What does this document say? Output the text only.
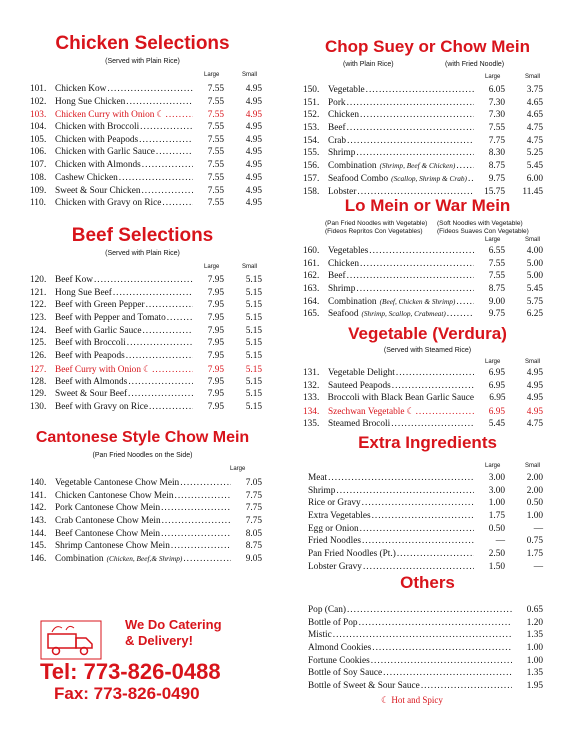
Chicken Selections
(Served with Plain Rice)
Large	Small
101. Chicken Kow .....	7.55	4.95
102. Hong Sue Chicken .....	7.55	4.95
103. Chicken Curry with Onion ☾ .....	7.55	4.95
104. Chicken with Broccoli .....	7.55	4.95
105. Chicken with Peapods .....	7.55	4.95
106. Chicken with Garlic Sauce .....	7.55	4.95
107. Chicken with Almonds .....	7.55	4.95
108. Cashew Chicken .....	7.55	4.95
109. Sweet & Sour Chicken .....	7.55	4.95
110. Chicken with Gravy on Rice .....	7.55	4.95
Beef Selections
(Served with Plain Rice)
Large	Small
120. Beef Kow .....	7.95	5.15
121. Hong Sue Beef .....	7.95	5.15
122. Beef with Green Pepper .....	7.95	5.15
123. Beef with Pepper and Tomato .....	7.95	5.15
124. Beef with Garlic Sauce .....	7.95	5.15
125. Beef with Broccoli .....	7.95	5.15
126. Beef with Peapods .....	7.95	5.15
127. Beef Curry with Onion ☾ .....	7.95	5.15
128. Beef with Almonds .....	7.95	5.15
129. Sweet & Sour Beef .....	7.95	5.15
130. Beef with Gravy on Rice .....	7.95	5.15
Cantonese Style Chow Mein
(Pan Fried Noodles on the Side)
Large
140. Vegetable Cantonese Chow Mein .....	7.05
141. Chicken Cantonese Chow Mein .....	7.75
142. Pork Cantonese Chow Mein .....	7.75
143. Crab Cantonese Chow Mein .....	7.75
144. Beef Cantonese Chow Mein .....	8.05
145. Shrimp Cantonese Chow Mein .....	8.75
146. Combination (Chicken, Beef,& Shrimp) .....	9.05
We Do Catering
& Delivery!
Tel: 773-826-0488
Fax: 773-826-0490
Chop Suey or Chow Mein
(with Plain Rice)	(with Fried Noodle)
Large	Small
150. Vegetable .....	6.05	3.75
151. Pork .....	7.30	4.65
152. Chicken .....	7.30	4.65
153. Beef .....	7.55	4.75
154. Crab .....	7.75	4.75
155. Shrimp .....	8.30	5.25
156. Combination (Shrimp, Beef & Chicken) .....	8.75	5.45
157. Seafood Combo (Scallop, Shrimp & Crab) .....	9.75	6.00
158. Lobster .....	15.75	11.45
Lo Mein or War Mein
(Pan Fried Noodles with Vegetable)
(Fideos Repritos Con Vegetables)
(Soft Noodles with Vegetable)
(Fideos Suaves Con Vegetable)
Large	Small
160. Vegetables .....	6.55	4.00
161. Chicken .....	7.55	5.00
162. Beef .....	7.55	5.00
163. Shrimp .....	8.75	5.45
164. Combination (Beef, Chicken & Shrimp) .....	9.00	5.75
165. Seafood (Shrimp, Scallop, Crabmeat) .....	9.75	6.25
Vegetable (Verdura)
(Served with Steamed Rice)
Large	Small
131. Vegetable Delight .....	6.95	4.95
132. Sauteed Peapods .....	6.95	4.95
133. Broccoli with Black Bean Garlic Sauce	6.95	4.95
134. Szechwan Vegetable ☾ .....	6.95	4.95
135. Steamed Brocoli .....	5.45	4.75
Extra Ingredients
Large	Small
Meat .....	3.00	2.00
Shrimp .....	3.00	2.00
Rice or Gravy .....	1.00	0.50
Extra Vegetables .....	1.75	1.00
Egg or Onion .....	0.50	—
Fried Noodles .....	—	0.75
Pan Fried Noodles (Pt.) .....	2.50	1.75
Lobster Gravy .....	1.50	—
Others
Pop (Can) .....	0.65
Bottle of Pop .....	1.20
Mistic .....	1.35
Almond Cookies .....	1.00
Fortune Cookies .....	1.00
Bottle of Soy Sauce .....	1.35
Bottle of Sweet & Sour Sauce .....	1.95
☾ Hot and Spicy
